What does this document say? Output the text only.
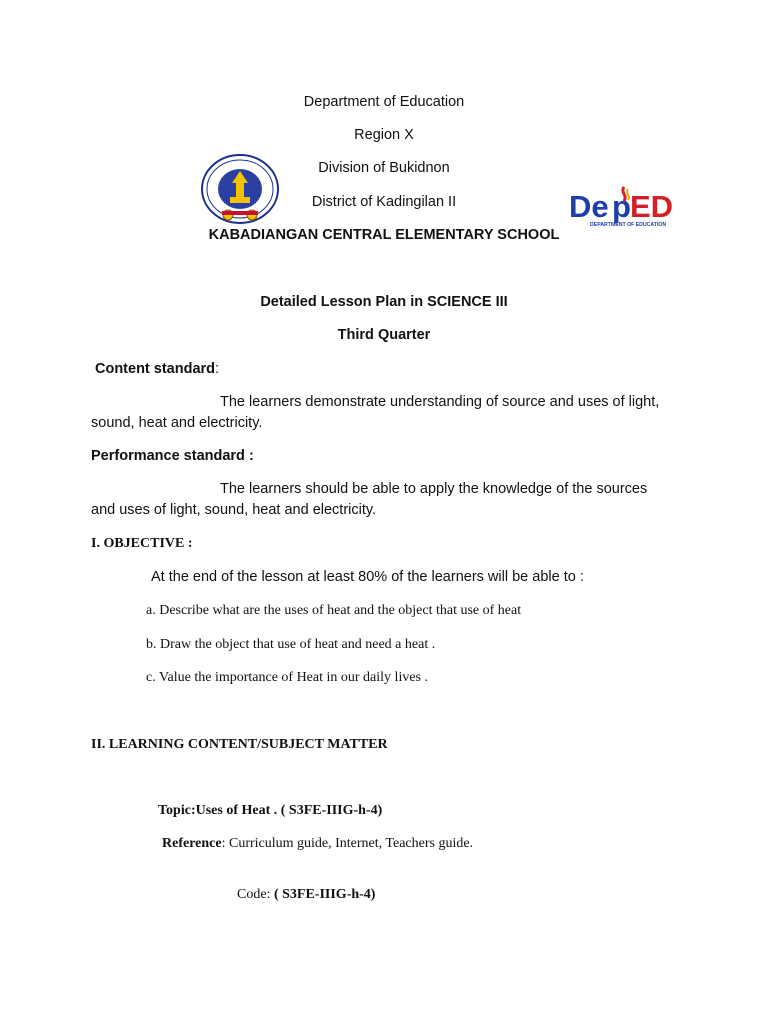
Department of Education
Region X
Division of Bukidnon
District of Kadingilan II
KABADIANGAN CENTRAL ELEMENTARY SCHOOL
De p ED
DEPARTMENT OF EDUCATION
Detailed Lesson Plan in SCIENCE III
Third Quarter
Content standard:
The learners demonstrate understanding of source and uses of light,
sound, heat and electricity.
Performance standard :
The learners should be able to apply the knowledge of the sources
and uses of light, sound, heat and electricity.
I. OBJECTIVE :
At the end of the lesson at least 80% of the learners will be able to :
a. Describe what are the uses of heat and the object that use of heat
b. Draw the object that use of heat and need a heat .
c. Value the importance of Heat in our daily lives .
II. LEARNING CONTENT/SUBJECT MATTER
Topic:Uses of Heat . ( S3FE-IIIG-h-4)
Reference: Curriculum guide, Internet, Teachers guide.

Code: ( S3FE-IIIG-h-4)
